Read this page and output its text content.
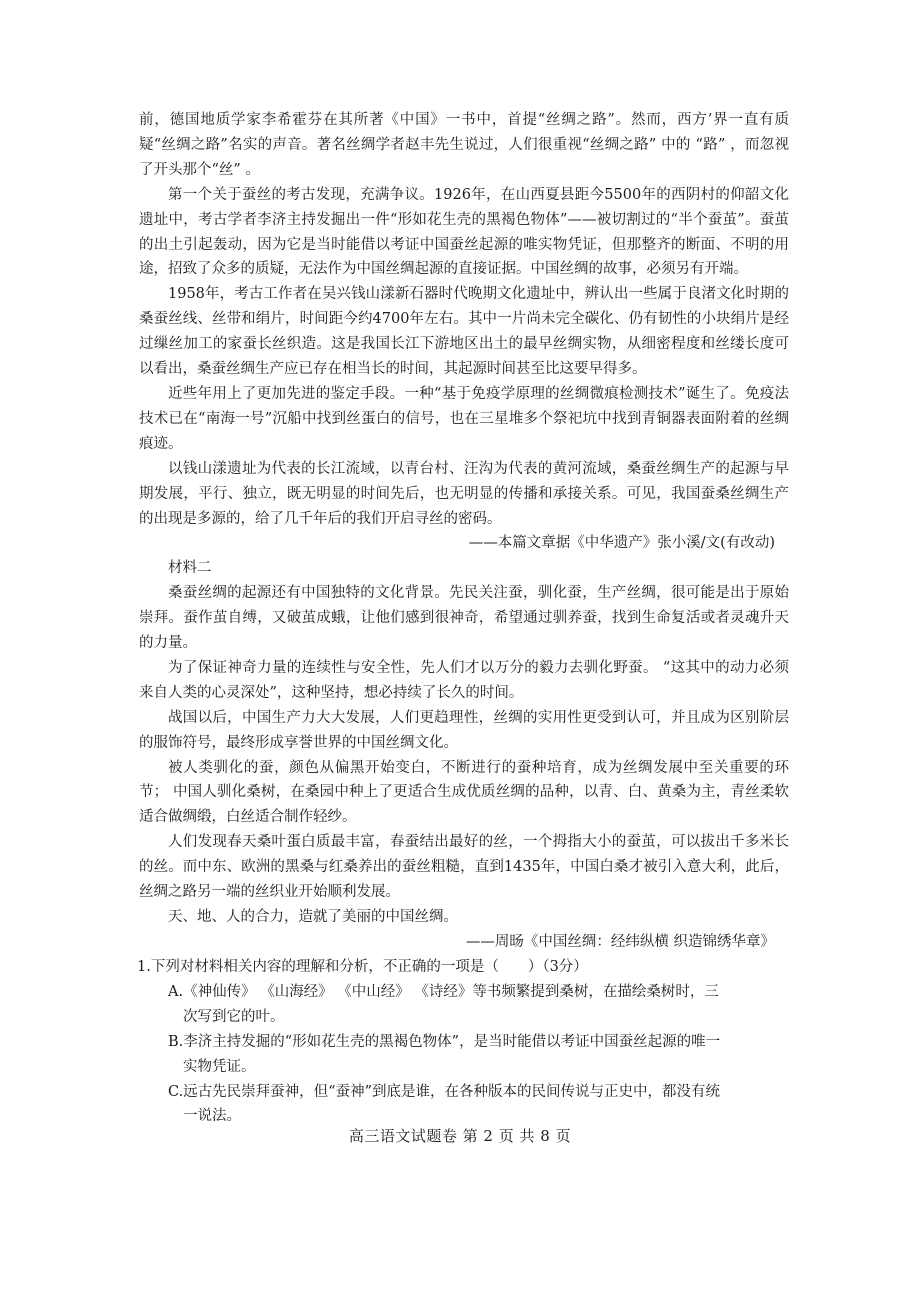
前，德国地质学家李希霍芬在其所著《中国》一书中，首提“丝绸之路”。然而，西方’界一直有质疑“丝绸之路”名实的声音。著名丝绸学者赵丰先生说过，人们很重视“丝绸之路” 中的 “路” ，而忽视了开头那个“丝” 。

第一个关于蚕丝的考古发现，充满争议。1926年，在山西夏县距今5500年的西阴村的仰韶文化遗址中，考古学者李济主持发掘出一件“形如花生壳的黑褐色物体”——被切割过的“半个蚕茧”。蚕茧的出土引起轰动，因为它是当时能借以考证中国蚕丝起源的唯实物凭证，但那整齐的断面、不明的用途，招致了众多的质疑，无法作为中国丝绸起源的直接证据。中国丝绸的故事，必须另有开端。

1958年，考古工作者在吴兴钱山漾新石器时代晚期文化遗址中，辨认出一些属于良渚文化时期的桑蚕丝线、丝带和绢片，时间距今约4700年左右。其中一片尚未完全碳化、仍有韧性的小块绢片是经过缫丝加工的家蚕长丝织造。这是我国长江下游地区出土的最早丝绸实物，从细密程度和丝缕长度可以看出，桑蚕丝绸生产应已存在相当长的时间，其起源时间甚至比这要早得多。

近些年用上了更加先进的鉴定手段。一种“基于免疫学原理的丝绸微痕检测技术”诞生了。免疫法技术已在“南海一号”沉船中找到丝蛋白的信号，也在三星堆多个祭祀坑中找到青铜器表面附着的丝绸痕迹。

以钱山漾遗址为代表的长江流域，以青台村、汪沟为代表的黄河流域，桑蚕丝绸生产的起源与早期发展，平行、独立，既无明显的时间先后，也无明显的传播和承接关系。可见，我国蚕桑丝绸生产的出现是多源的，给了几千年后的我们开启寻丝的密码。

——本篇文章据《中华遗产》张小溪/文(有改动)

材料二

桑蚕丝绸的起源还有中国独特的文化背景。先民关注蚕，驯化蚕，生产丝绸，很可能是出于原始崇拜。蚕作茧自缚，又破茧成蛾，让他们感到很神奇，希望通过驯养蚕，找到生命复活或者灵魂升天的力量。

为了保证神奇力量的连续性与安全性，先人们才以万分的毅力去驯化野蚕。 “这其中的动力必须来自人类的心灵深处”，这种坚持，想必持续了长久的时间。

战国以后，中国生产力大大发展，人们更趋理性，丝绸的实用性更受到认可，并且成为区别阶层的服饰符号，最终形成享誉世界的中国丝绸文化。

被人类驯化的蚕，颜色从偏黑开始变白，不断进行的蚕种培育，成为丝绸发展中至关重要的环节； 中国人驯化桑树，在桑园中种上了更适合生成优质丝绸的品种，以青、白、黄桑为主，青丝柔软适合做绸缎，白丝适合制作轻纱。

人们发现春天桑叶蛋白质最丰富，春蚕结出最好的丝，一个拇指大小的蚕茧，可以拔出千多米长的丝。而中东、欧洲的黑桑与红桑养出的蚕丝粗糙，直到1435年，中国白桑才被引入意大利，此后，丝绸之路另一端的丝织业开始顺利发展。

天、地、人的合力，造就了美丽的中国丝绸。

——周旸《中国丝绸：经纬纵横 织造锦绣华章》

1.下列对材料相关内容的理解和分析，不正确的一项是（　　）（3分）

A.《神仙传》 《山海经》 《中山经》 《诗经》等书频繁提到桑树，在描绘桑树时，三
次写到它的叶。

B.李济主持发掘的“形如花生壳的黑褐色物体”，是当时能借以考证中国蚕丝起源的唯一
实物凭证。

C.远古先民崇拜蚕神，但“蚕神”到底是谁，在各种版本的民间传说与正史中，都没有统
一说法。

高三语文试题卷 第 2 页 共 8 页
